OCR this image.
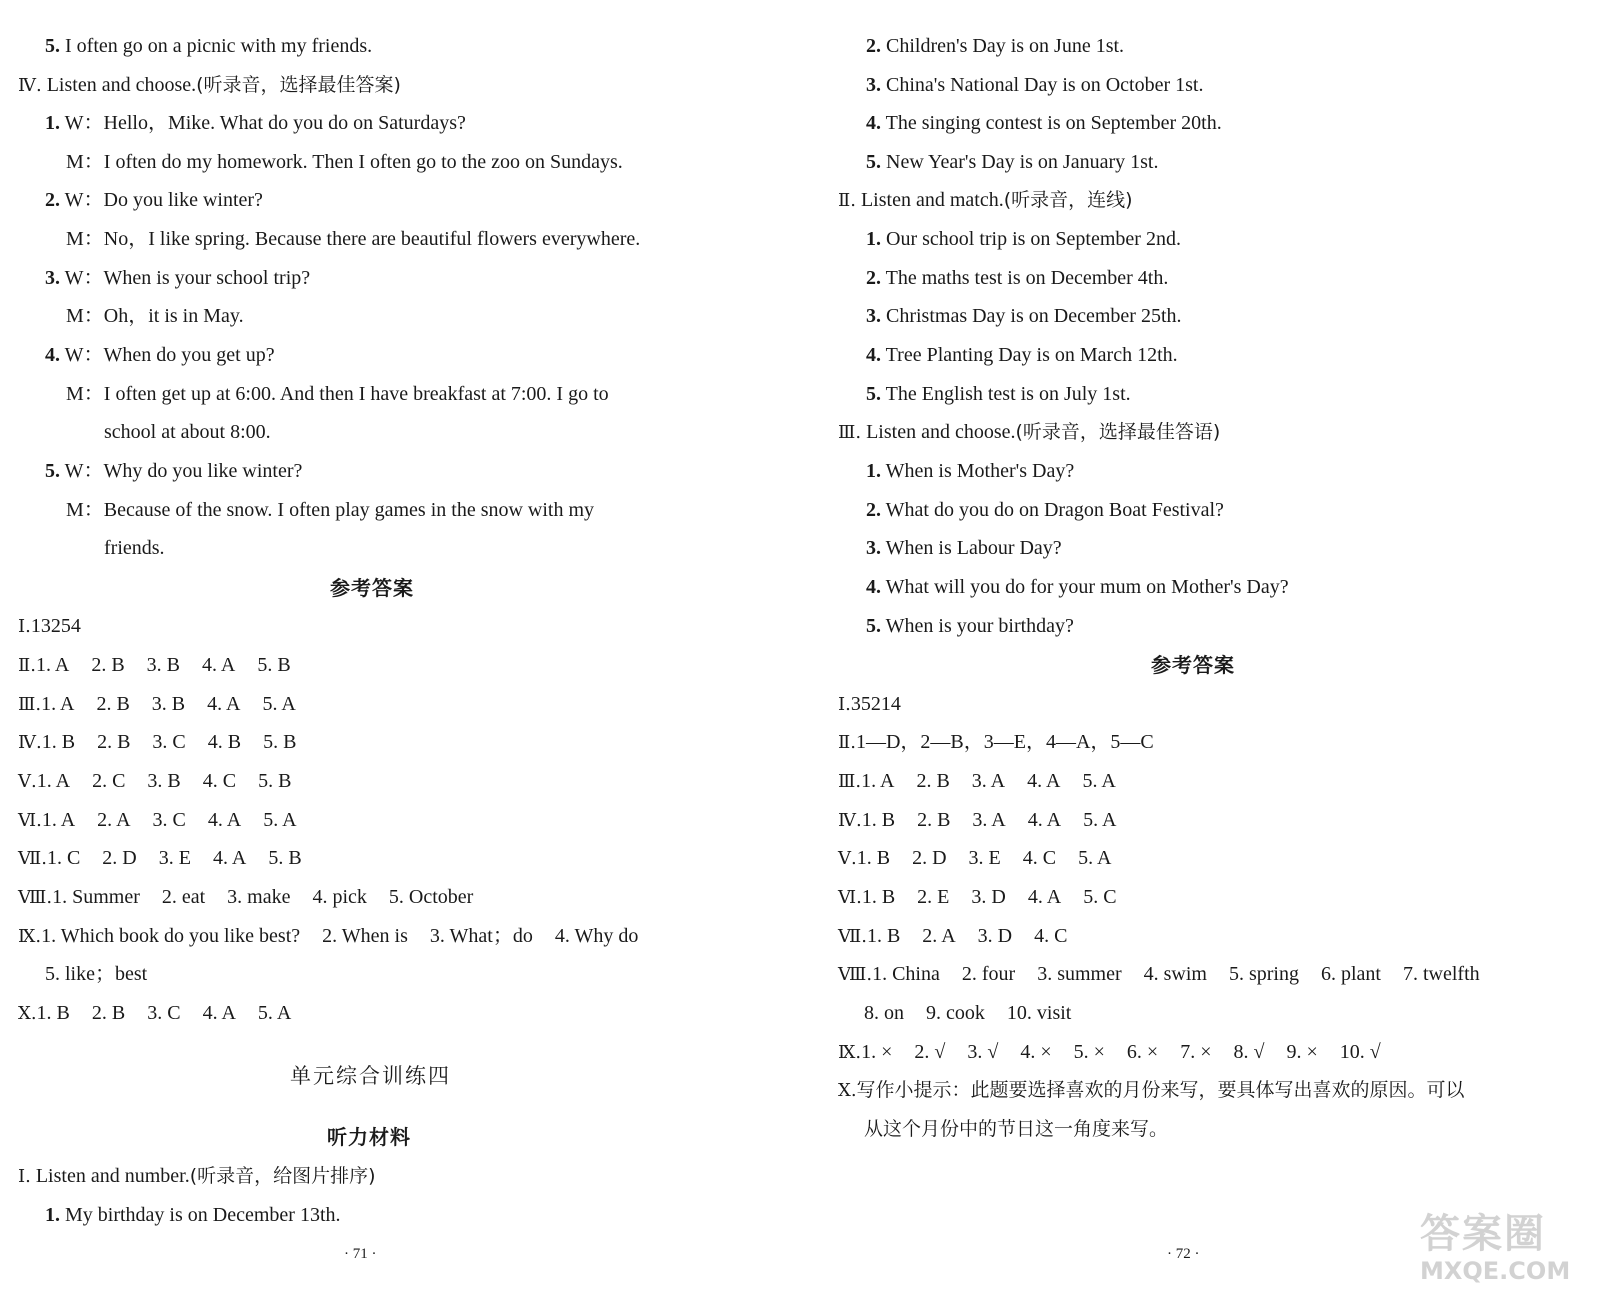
5. I often go on a picnic with my friends.
Ⅳ. Listen and choose.(听录音，选择最佳答案)
1. W：Hello，Mike. What do you do on Saturdays?
M：I often do my homework. Then I often go to the zoo on Sundays.
2. W：Do you like winter?
M：No，I like spring. Because there are beautiful flowers everywhere.
3. W：When is your school trip?
M：Oh，it is in May.
4. W：When do you get up?
M：I often get up at 6:00. And then I have breakfast at 7:00. I go to
school at about 8:00.
5. W：Why do you like winter?
M：Because of the snow. I often play games in the snow with my
friends.
参考答案
Ⅰ.13254
Ⅱ.1. A 2. B 3. B 4. A 5. B
Ⅲ.1. A 2. B 3. B 4. A 5. A
Ⅳ.1. B 2. B 3. C 4. B 5. B
Ⅴ.1. A 2. C 3. B 4. C 5. B
Ⅵ.1. A 2. A 3. C 4. A 5. A
Ⅶ.1. C 2. D 3. E 4. A 5. B
Ⅷ.1. Summer 2. eat 3. make 4. pick 5. October
Ⅸ.1. Which book do you like best? 2. When is 3. What；do 4. Why do
5. like；best
Ⅹ.1. B 2. B 3. C 4. A 5. A
单元综合训练四
听力材料
Ⅰ. Listen and number.(听录音，给图片排序)
1. My birthday is on December 13th.
· 71 ·
2. Children's Day is on June 1st.
3. China's National Day is on October 1st.
4. The singing contest is on September 20th.
5. New Year's Day is on January 1st.
Ⅱ. Listen and match.(听录音，连线)
1. Our school trip is on September 2nd.
2. The maths test is on December 4th.
3. Christmas Day is on December 25th.
4. Tree Planting Day is on March 12th.
5. The English test is on July 1st.
Ⅲ. Listen and choose.(听录音，选择最佳答语)
1. When is Mother's Day?
2. What do you do on Dragon Boat Festival?
3. When is Labour Day?
4. What will you do for your mum on Mother's Day?
5. When is your birthday?
参考答案
Ⅰ.35214
Ⅱ.1—D，2—B，3—E，4—A，5—C
Ⅲ.1. A 2. B 3. A 4. A 5. A
Ⅳ.1. B 2. B 3. A 4. A 5. A
Ⅴ.1. B 2. D 3. E 4. C 5. A
Ⅵ.1. B 2. E 3. D 4. A 5. C
Ⅶ.1. B 2. A 3. D 4. C
Ⅷ.1. China 2. four 3. summer 4. swim 5. spring 6. plant 7. twelfth
8. on 9. cook 10. visit
Ⅸ.1. × 2. √ 3. √ 4. × 5. × 6. × 7. × 8. √ 9. × 10. √
Ⅹ.写作小提示：此题要选择喜欢的月份来写，要具体写出喜欢的原因。可以
从这个月份中的节日这一角度来写。
· 72 ·	答案圈
MXQE.COM
